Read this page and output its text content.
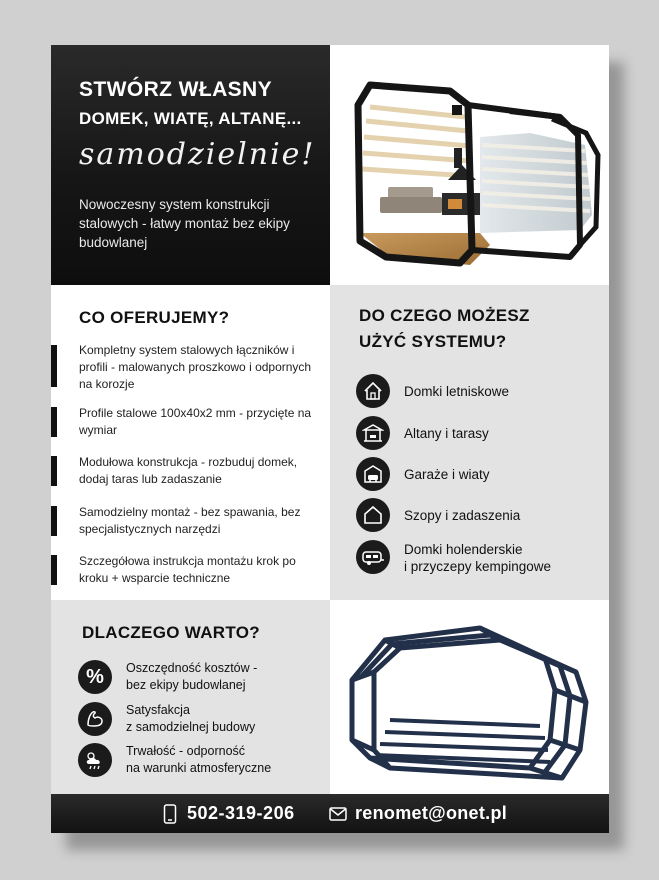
STWÓRZ WŁASNY
DOMEK, WIATĘ, ALTANĘ...
samodzielnie!
Nowoczesny system konstrukcji stalowych - łatwy montaż bez ekipy budowlanej
CO OFERUJEMY?
Kompletny system stalowych łączników i profili - malowanych proszkowo i odpornych na korozje
Profile stalowe 100x40x2 mm - przycięte na wymiar
Modułowa konstrukcja - rozbuduj domek, dodaj taras lub zadaszanie
Samodzielny montaż - bez spawania, bez specjalistycznych narzędzi
Szczegółowa instrukcja montażu krok po kroku + wsparcie techniczne
DO CZEGO MOŻESZ
UŻYĆ SYSTEMU?
Domki letniskowe
Altany i tarasy
Garaże i wiaty
Szopy i zadaszenia
Domki holenderskie
i przyczepy kempingowe
DLACZEGO WARTO?
% Oszczędność kosztów -
bez ekipy budowlanej
Satysfakcja
z samodzielnej budowy
Trwałość - odporność
na warunki atmosferyczne
502-319-206	renomet@onet.pl
